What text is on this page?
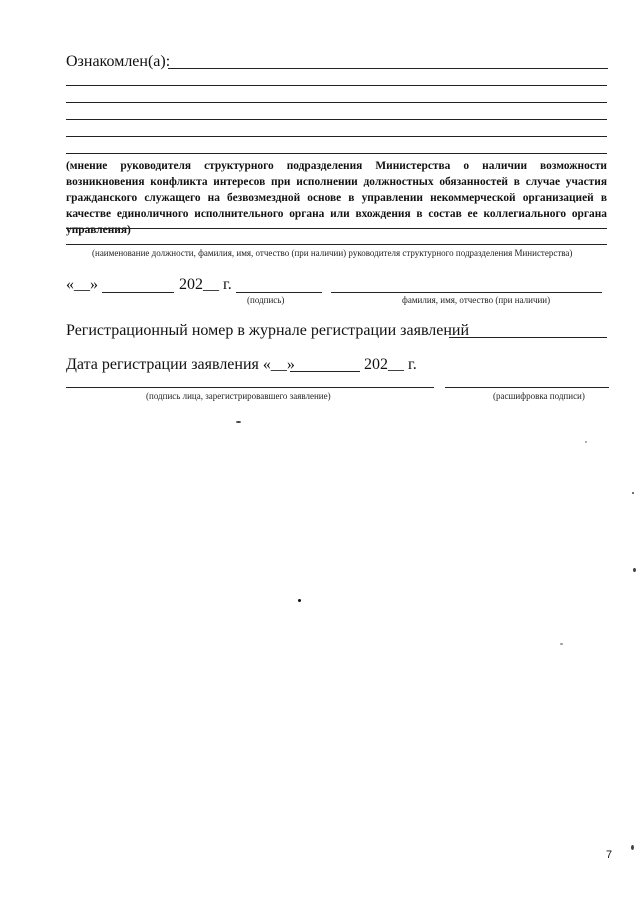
Ознакомлен(а):
(мнение руководителя структурного подразделения Министерства о наличии возможности возникновения конфликта интересов при исполнении должностных обязанностей в случае участия гражданского служащего на безвозмездной основе в управлении некоммерческой организацией в качестве единоличного исполнительного органа или вхождения в состав ее коллегиального органа управления)
(наименование должности, фамилия, имя, отчество (при наличии) руководителя структурного подразделения Министерства)
«__»	202__ г.
(подпись)	фамилия, имя, отчество (при наличии)
Регистрационный номер в журнале регистрации заявлений
Дата регистрации заявления «__»	202__ г.
(подпись лица, зарегистрировавшего заявление)	(расшифровка подписи)
7
